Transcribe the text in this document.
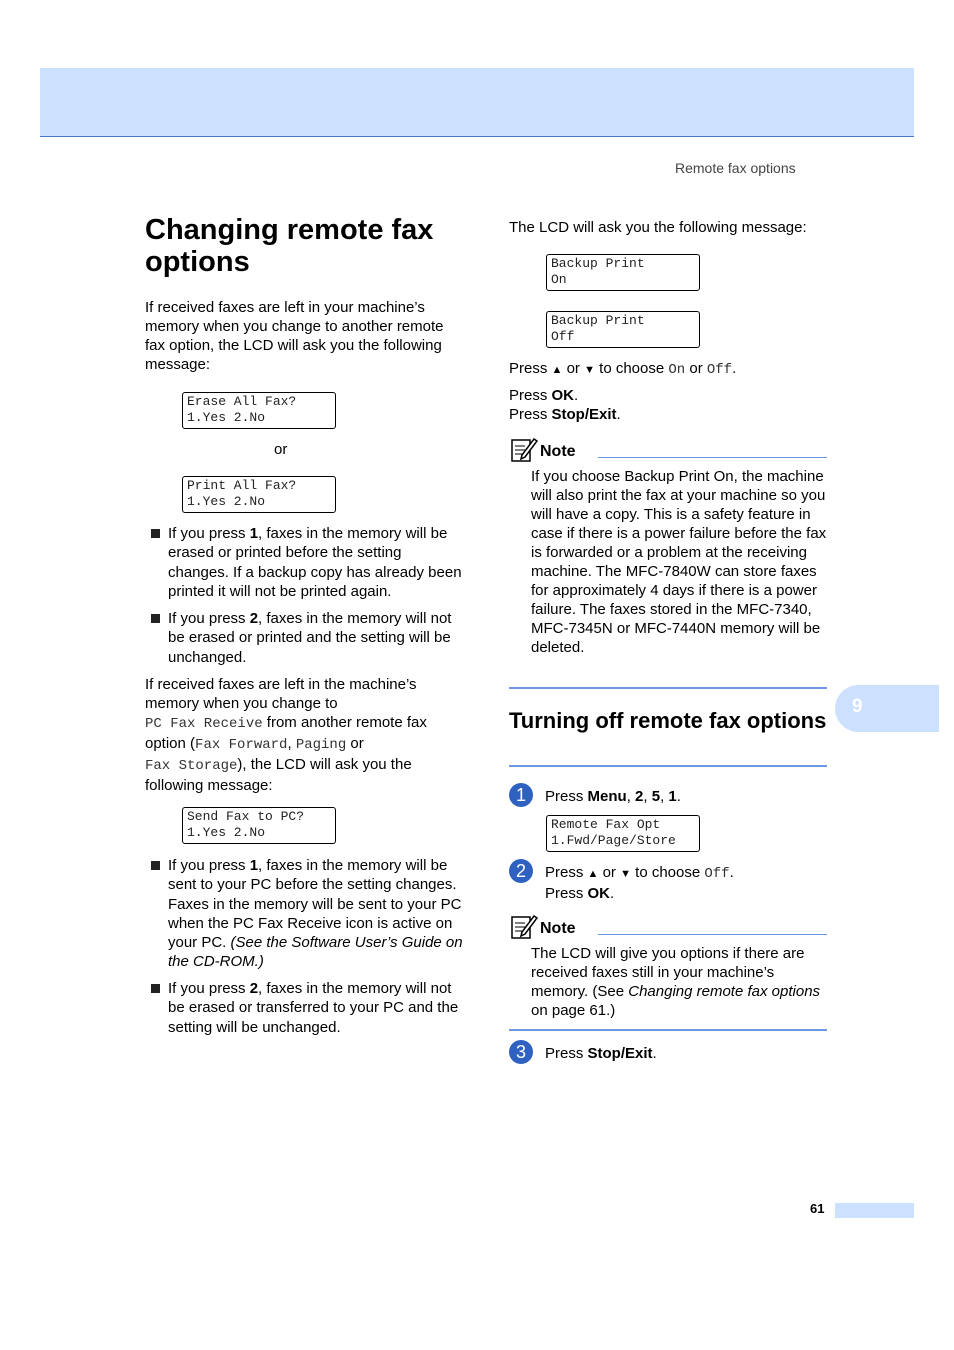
Remote fax options
Changing remote fax options
If received faxes are left in your machine’s memory when you change to another remote fax option, the LCD will ask you the following message:
Erase All Fax?
1.Yes 2.No
or
Print All Fax?
1.Yes 2.No
If you press 1, faxes in the memory will be erased or printed before the setting changes. If a backup copy has already been printed it will not be printed again.
If you press 2, faxes in the memory will not be erased or printed and the setting will be unchanged.
If received faxes are left in the machine’s memory when you change to
PC Fax Receive from another remote fax option (Fax Forward, Paging or
Fax Storage), the LCD will ask you the following message:
Send Fax to PC?
1.Yes 2.No
If you press 1, faxes in the memory will be sent to your PC before the setting changes. Faxes in the memory will be sent to your PC when the PC Fax Receive icon is active on your PC. (See the Software User’s Guide on the CD-ROM.)
If you press 2, faxes in the memory will not be erased or transferred to your PC and the setting will be unchanged.
The LCD will ask you the following message:
Backup Print
On
Backup Print
Off
Press ▲ or ▼ to choose On or Off.
Press OK.
Press Stop/Exit.
Note
If you choose Backup Print On, the machine will also print the fax at your machine so you will have a copy. This is a safety feature in case if there is a power failure before the fax is forwarded or a problem at the receiving machine. The MFC-7840W can store faxes for approximately 4 days if there is a power failure. The faxes stored in the MFC-7340, MFC-7345N or MFC-7440N memory will be deleted.
Turning off remote fax options
1	Press Menu, 2, 5, 1.
Remote Fax Opt
1.Fwd/Page/Store
2	Press ▲ or ▼ to choose Off.
Press OK.
Note
The LCD will give you options if there are received faxes still in your machine’s memory. (See Changing remote fax options on page 61.)
3	Press Stop/Exit.
9
61
